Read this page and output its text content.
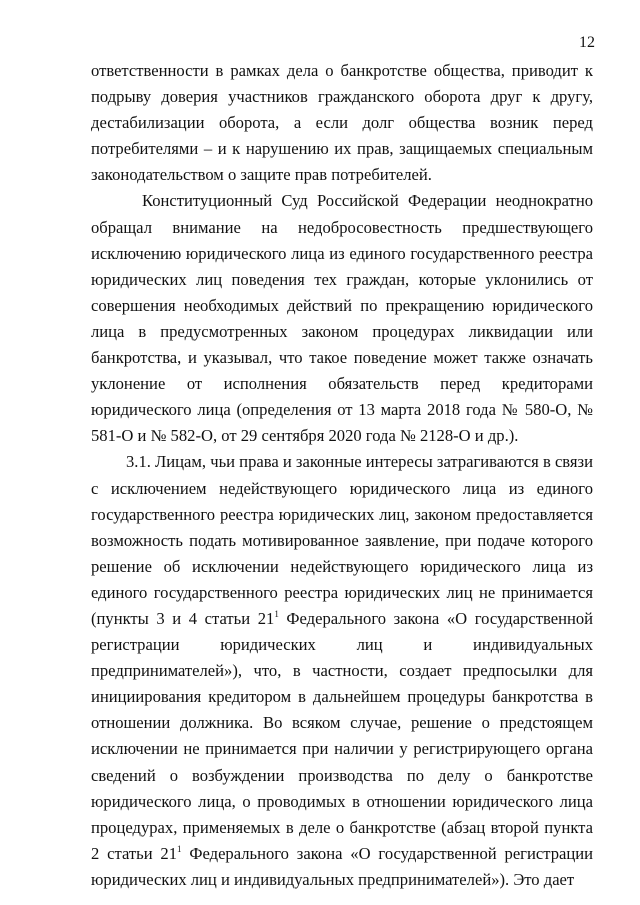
12

ответственности в рамках дела о банкротстве общества, приводит к подрыву доверия участников гражданского оборота друг к другу, дестабилизации оборота, а если долг общества возник перед потребителями – и к нарушению их прав, защищаемых специальным законодательством о защите прав потребителей.

Конституционный Суд Российской Федерации неоднократно обращал внимание на недобросовестность предшествующего исключению юридического лица из единого государственного реестра юридических лиц поведения тех граждан, которые уклонились от совершения необходимых действий по прекращению юридического лица в предусмотренных законом процедурах ликвидации или банкротства, и указывал, что такое поведение может также означать уклонение от исполнения обязательств перед кредиторами юридического лица (определения от 13 марта 2018 года № 580-О, № 581-О и № 582-О, от 29 сентября 2020 года № 2128-О и др.).

3.1. Лицам, чьи права и законные интересы затрагиваются в связи с исключением недействующего юридического лица из единого государственного реестра юридических лиц, законом предоставляется возможность подать мотивированное заявление, при подаче которого решение об исключении недействующего юридического лица из единого государственного реестра юридических лиц не принимается (пункты 3 и 4 статьи $21^1$ Федерального закона «О государственной регистрации юридических лиц и индивидуальных предпринимателей»), что, в частности, создает предпосылки для инициирования кредитором в дальнейшем процедуры банкротства в отношении должника. Во всяком случае, решение о предстоящем исключении не принимается при наличии у регистрирующего органа сведений о возбуждении производства по делу о банкротстве юридического лица, о проводимых в отношении юридического лица процедурах, применяемых в деле о банкротстве (абзац второй пункта 2 статьи $21^1$ Федерального закона «О государственной регистрации юридических лиц и индивидуальных предпринимателей»). Это дает
